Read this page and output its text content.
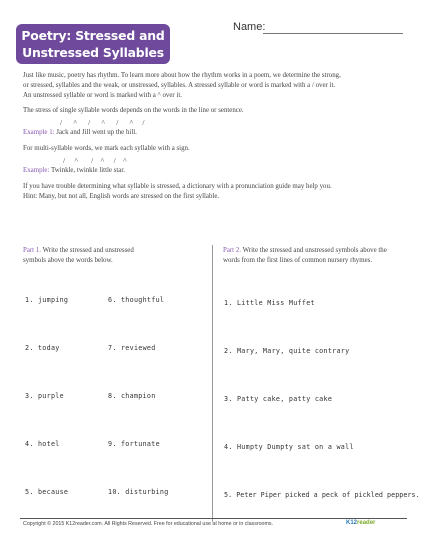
Poetry: Stressed and
Unstressed Syllables
Name:
Just like music, poetry has rhythm. To learn more about how the rhythm works in a poem, we determine the strong,
or stressed, syllables and the weak, or unstressed, syllables. A stressed syllable or word is marked with a / over it.
An unstressed syllable or word is marked with a ^ over it.
The stress of single syllable words depends on the words in the line or sentence.
/      ^      /      ^      /      ^     /
Example 1: Jack and Jill went up the hill.
For multi-syllable words, we mark each syllable with a sign.
/     ^       /    ^     /    ^
Example: Twinkle, twinkle little star.
If you have trouble determining what syllable is stressed, a dictionary with a pronunciation guide may help you.
Hint: Many, but not all, English words are stressed on the first syllable.
Part 1. Write the stressed and unstressed
symbols above the words below.
1. jumping
2. today
3. purple
4. hotel
5. because
6. thoughtful
7. reviewed
8. champion
9. fortunate
10. disturbing
Part 2. Write the stressed and unstressed symbols above the
words from the first lines of common nursery rhymes.
1. Little Miss Muffet
2. Mary, Mary, quite contrary
3. Patty cake, patty cake
4. Humpty Dumpty sat on a wall
5. Peter Piper picked a peck of pickled peppers.
Copyright © 2015 K12reader.com. All Rights Reserved. Free for educational use at home or in classrooms.	K12reader
